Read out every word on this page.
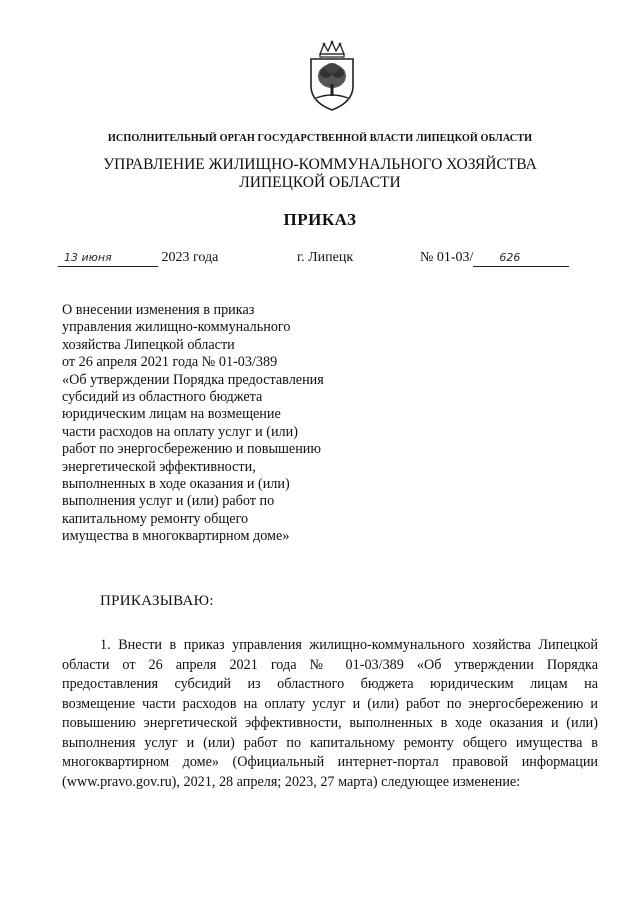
ИСПОЛНИТЕЛЬНЫЙ ОРГАН ГОСУДАРСТВЕННОЙ ВЛАСТИ ЛИПЕЦКОЙ ОБЛАСТИ
УПРАВЛЕНИЕ ЖИЛИЩНО-КОММУНАЛЬНОГО ХОЗЯЙСТВА
ЛИПЕЦКОЙ ОБЛАСТИ
ПРИКАЗ
13 июня	2023 года	г. Липецк	№ 01-03/ 626
О внесении изменения в приказ
управления жилищно-коммунального
хозяйства Липецкой области
от 26 апреля 2021 года № 01-03/389
«Об утверждении Порядка предоставления
субсидий из областного бюджета
юридическим лицам на возмещение
части расходов на оплату услуг и (или)
работ по энергосбережению и повышению
энергетической эффективности,
выполненных в ходе оказания и (или)
выполнения услуг и (или) работ по
капитальному ремонту общего
имущества в многоквартирном доме»
ПРИКАЗЫВАЮ:
1. Внести в приказ управления жилищно-коммунального хозяйства Липецкой
области от 26 апреля 2021 года № 01-03/389 «Об утверждении Порядка
предоставления субсидий из областного бюджета юридическим лицам на
возмещение части расходов на оплату услуг и (или) работ по энергосбережению и
повышению энергетической эффективности, выполненных в ходе оказания и (или)
выполнения услуг и (или) работ по капитальному ремонту общего имущества в
многоквартирном доме» (Официальный интернет-портал правовой информации
(www.pravo.gov.ru), 2021, 28 апреля; 2023, 27 марта) следующее изменение:
